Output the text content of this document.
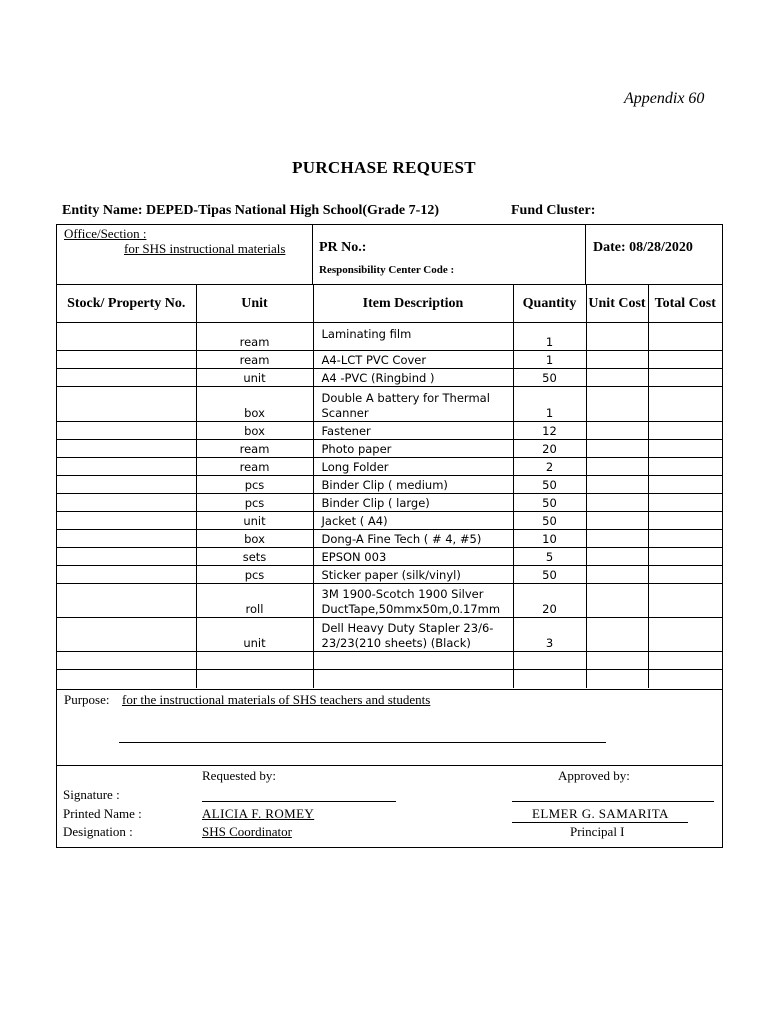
Appendix 60
PURCHASE REQUEST
Entity Name: DEPED-Tipas National High School(Grade 7-12)	Fund Cluster:
Office/Section :
for SHS instructional materials PR No.:
Responsibility Center Code :
Date: 08/28/2020
Stock/ Property No.	Unit	Item Description	Quantity	Unit Cost	Total Cost
	ream	Laminating film	1		
	ream	A4-LCT PVC Cover	1		
	unit	A4 -PVC (Ringbind )	50		
	box	Double A battery for Thermal Scanner	1		
	box	Fastener	12		
	ream	Photo paper	20		
	ream	Long Folder	2		
	pcs	Binder Clip ( medium)	50		
	pcs	Binder Clip ( large)	50		
	unit	Jacket ( A4)	50		
	box	Dong-A Fine Tech ( # 4, #5)	10		
	sets	EPSON 003	5		
	pcs	Sticker paper (silk/vinyl)	50		
	roll	3M 1900-Scotch 1900 Silver DuctTape,50mmx50m,0.17mm	20		
	unit	Dell Heavy Duty Stapler 23/6-23/23(210 sheets) (Black)	3		

Purpose: for the instructional materials of SHS teachers and students
Requested by:	Approved by:
Signature :
Printed Name :	ALICIA F. ROMEY	ELMER G. SAMARITA
Designation :	SHS Coordinator	Principal I
